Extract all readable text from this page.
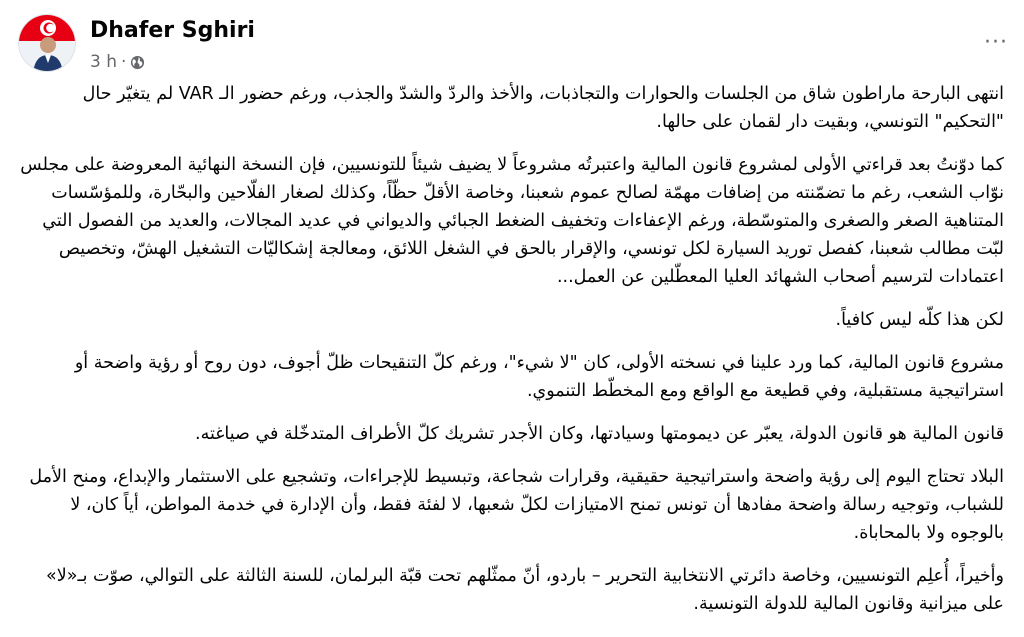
Dhafer Sghiri
3 h ·
···

انتهى البارحة ماراطون شاق من الجلسات والحوارات والتجاذبات، والأخذ والردّ والشدّ والجذب، ورغم حضور الـ VAR لم يتغيّر حال "التحكيم" التونسي، وبقيت دار لقمان على حالها.

كما دوّنتُ بعد قراءتي الأولى لمشروع قانون المالية واعتبرتُه مشروعاً لا يضيف شيئاً للتونسيين، فإن النسخة النهائية المعروضة على مجلس نوّاب الشعب، رغم ما تضمّنته من إضافات مهمّة لصالح عموم شعبنا، وخاصة الأقلّ حظّاً، وكذلك لصغار الفلّاحين والبحّارة، وللمؤسّسات المتناهية الصغر والصغرى والمتوسّطة، ورغم الإعفاءات وتخفيف الضغط الجبائي والديواني في عديد المجالات، والعديد من الفصول التي لبّت مطالب شعبنا، كفصل توريد السيارة لكل تونسي، والإقرار بالحق في الشغل اللائق، ومعالجة إشكاليّات التشغيل الهشّ، وتخصيص اعتمادات لترسيم أصحاب الشهائد العليا المعطّلين عن العمل...

لكن هذا كلّه ليس كافياً.

مشروع قانون المالية، كما ورد علينا في نسخته الأولى، كان "لا شيء"، ورغم كلّ التنقيحات ظلّ أجوف، دون روح أو رؤية واضحة أو استراتيجية مستقبلية، وفي قطيعة مع الواقع ومع المخطّط التنموي.

قانون المالية هو قانون الدولة، يعبّر عن ديمومتها وسيادتها، وكان الأجدر تشريك كلّ الأطراف المتدخّلة في صياغته.

البلاد تحتاج اليوم إلى رؤية واضحة واستراتيجية حقيقية، وقرارات شجاعة، وتبسيط للإجراءات، وتشجيع على الاستثمار والإبداع، ومنح الأمل للشباب، وتوجيه رسالة واضحة مفادها أن تونس تمنح الامتيازات لكلّ شعبها، لا لفئة فقط، وأن الإدارة في خدمة المواطن، أياً كان، لا بالوجوه ولا بالمحاباة.

وأخيراً، أُعلِم التونسيين، وخاصة دائرتي الانتخابية التحرير – باردو، أنّ ممثّلهم تحت قبّة البرلمان، للسنة الثالثة على التوالي، صوّت بـ«لا» على ميزانية وقانون المالية للدولة التونسية.
